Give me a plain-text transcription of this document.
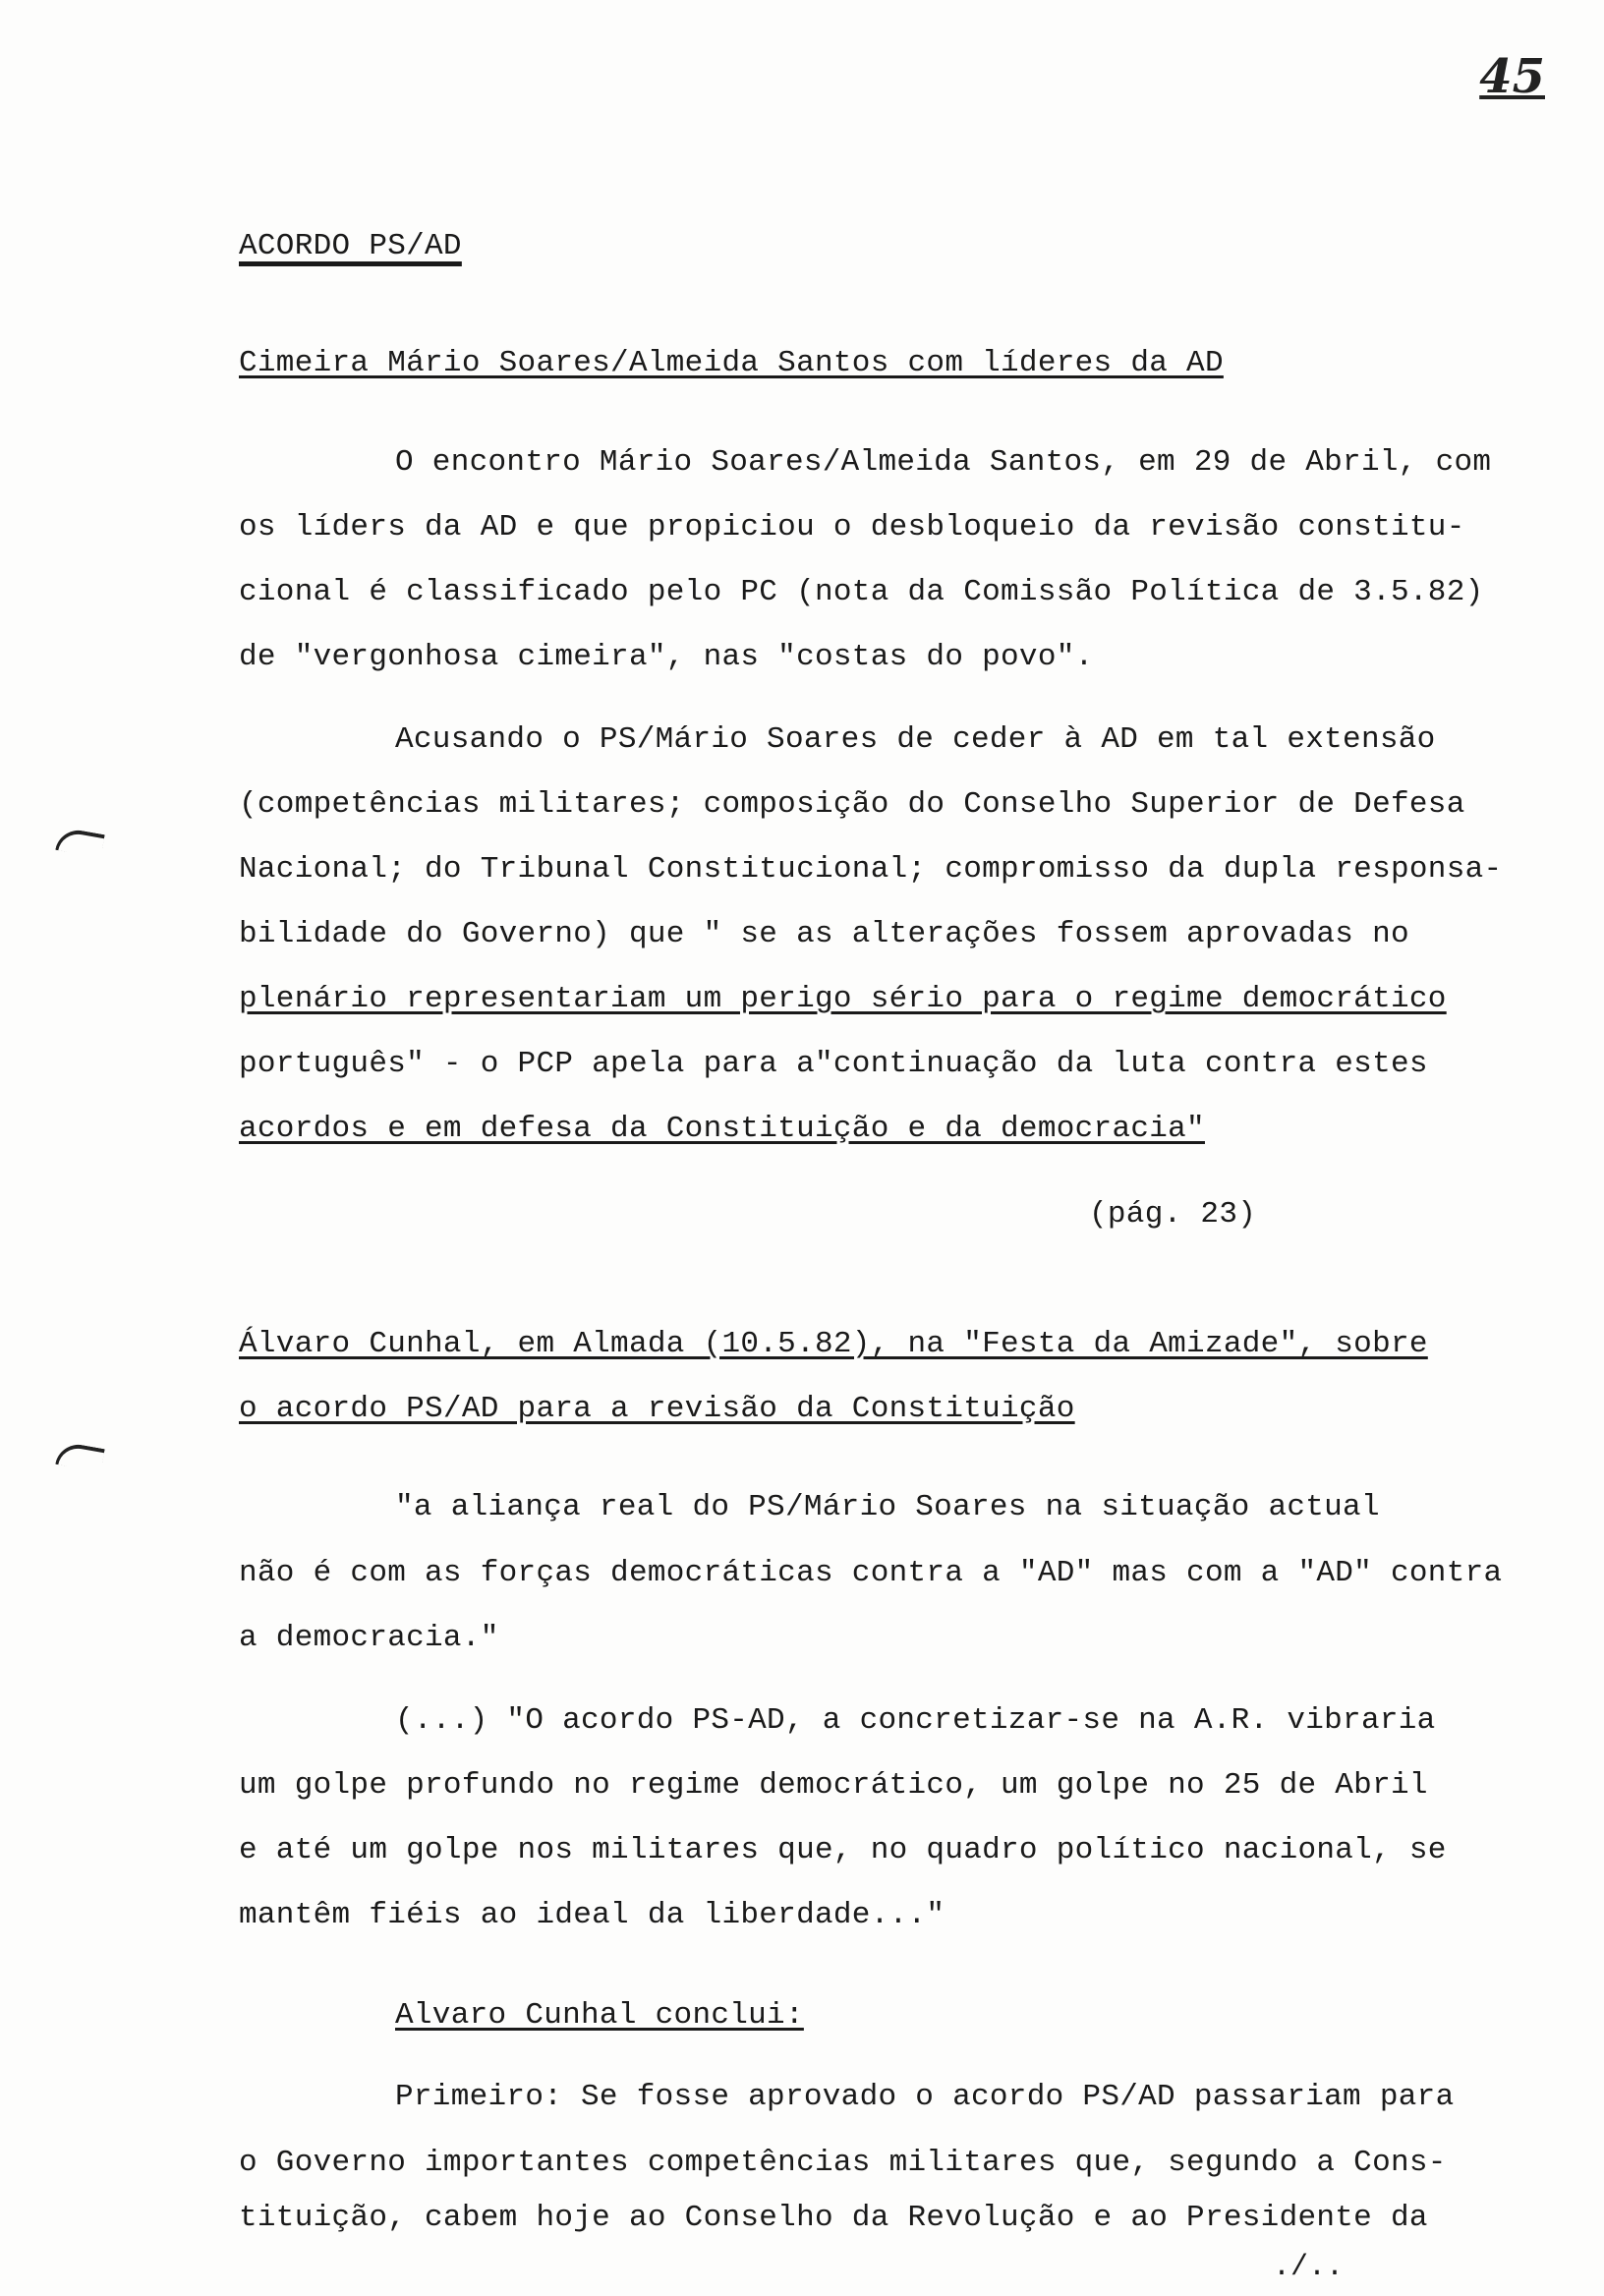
45
ACORDO PS/AD
Cimeira Mário Soares/Almeida Santos com líderes da AD
O encontro Mário Soares/Almeida Santos, em 29 de Abril, com
os líders da AD e que propiciou o desbloqueio da revisão constitu-
cional é classificado pelo PC (nota da Comissão Política de 3.5.82)
de "vergonhosa cimeira", nas "costas do povo".
Acusando o PS/Mário Soares de ceder à AD em tal extensão
(competências militares; composição do Conselho Superior de Defesa
Nacional; do Tribunal Constitucional; compromisso da dupla responsa-
bilidade do Governo) que " se as alterações fossem aprovadas no
plenário representariam um perigo sério para o regime democrático
português" - o PCP apela para a"continuação da luta contra estes
acordos e em defesa da Constituição e da democracia"
(pág. 23)
Álvaro Cunhal, em Almada (10.5.82), na "Festa da Amizade", sobre
o acordo PS/AD para a revisão da Constituição
"a aliança real do PS/Mário Soares na situação actual
não é com as forças democráticas contra a "AD" mas com a "AD" contra
a democracia."
(...) "O acordo PS-AD, a concretizar-se na A.R. vibraria
um golpe profundo no regime democrático, um golpe no 25 de Abril
e até um golpe nos militares que, no quadro político nacional, se
mantêm fiéis ao ideal da liberdade..."
Alvaro Cunhal conclui:
Primeiro: Se fosse aprovado o acordo PS/AD passariam para
o Governo importantes competências militares que, segundo a Cons-
tituição, cabem hoje ao Conselho da Revolução e ao Presidente da
./..
